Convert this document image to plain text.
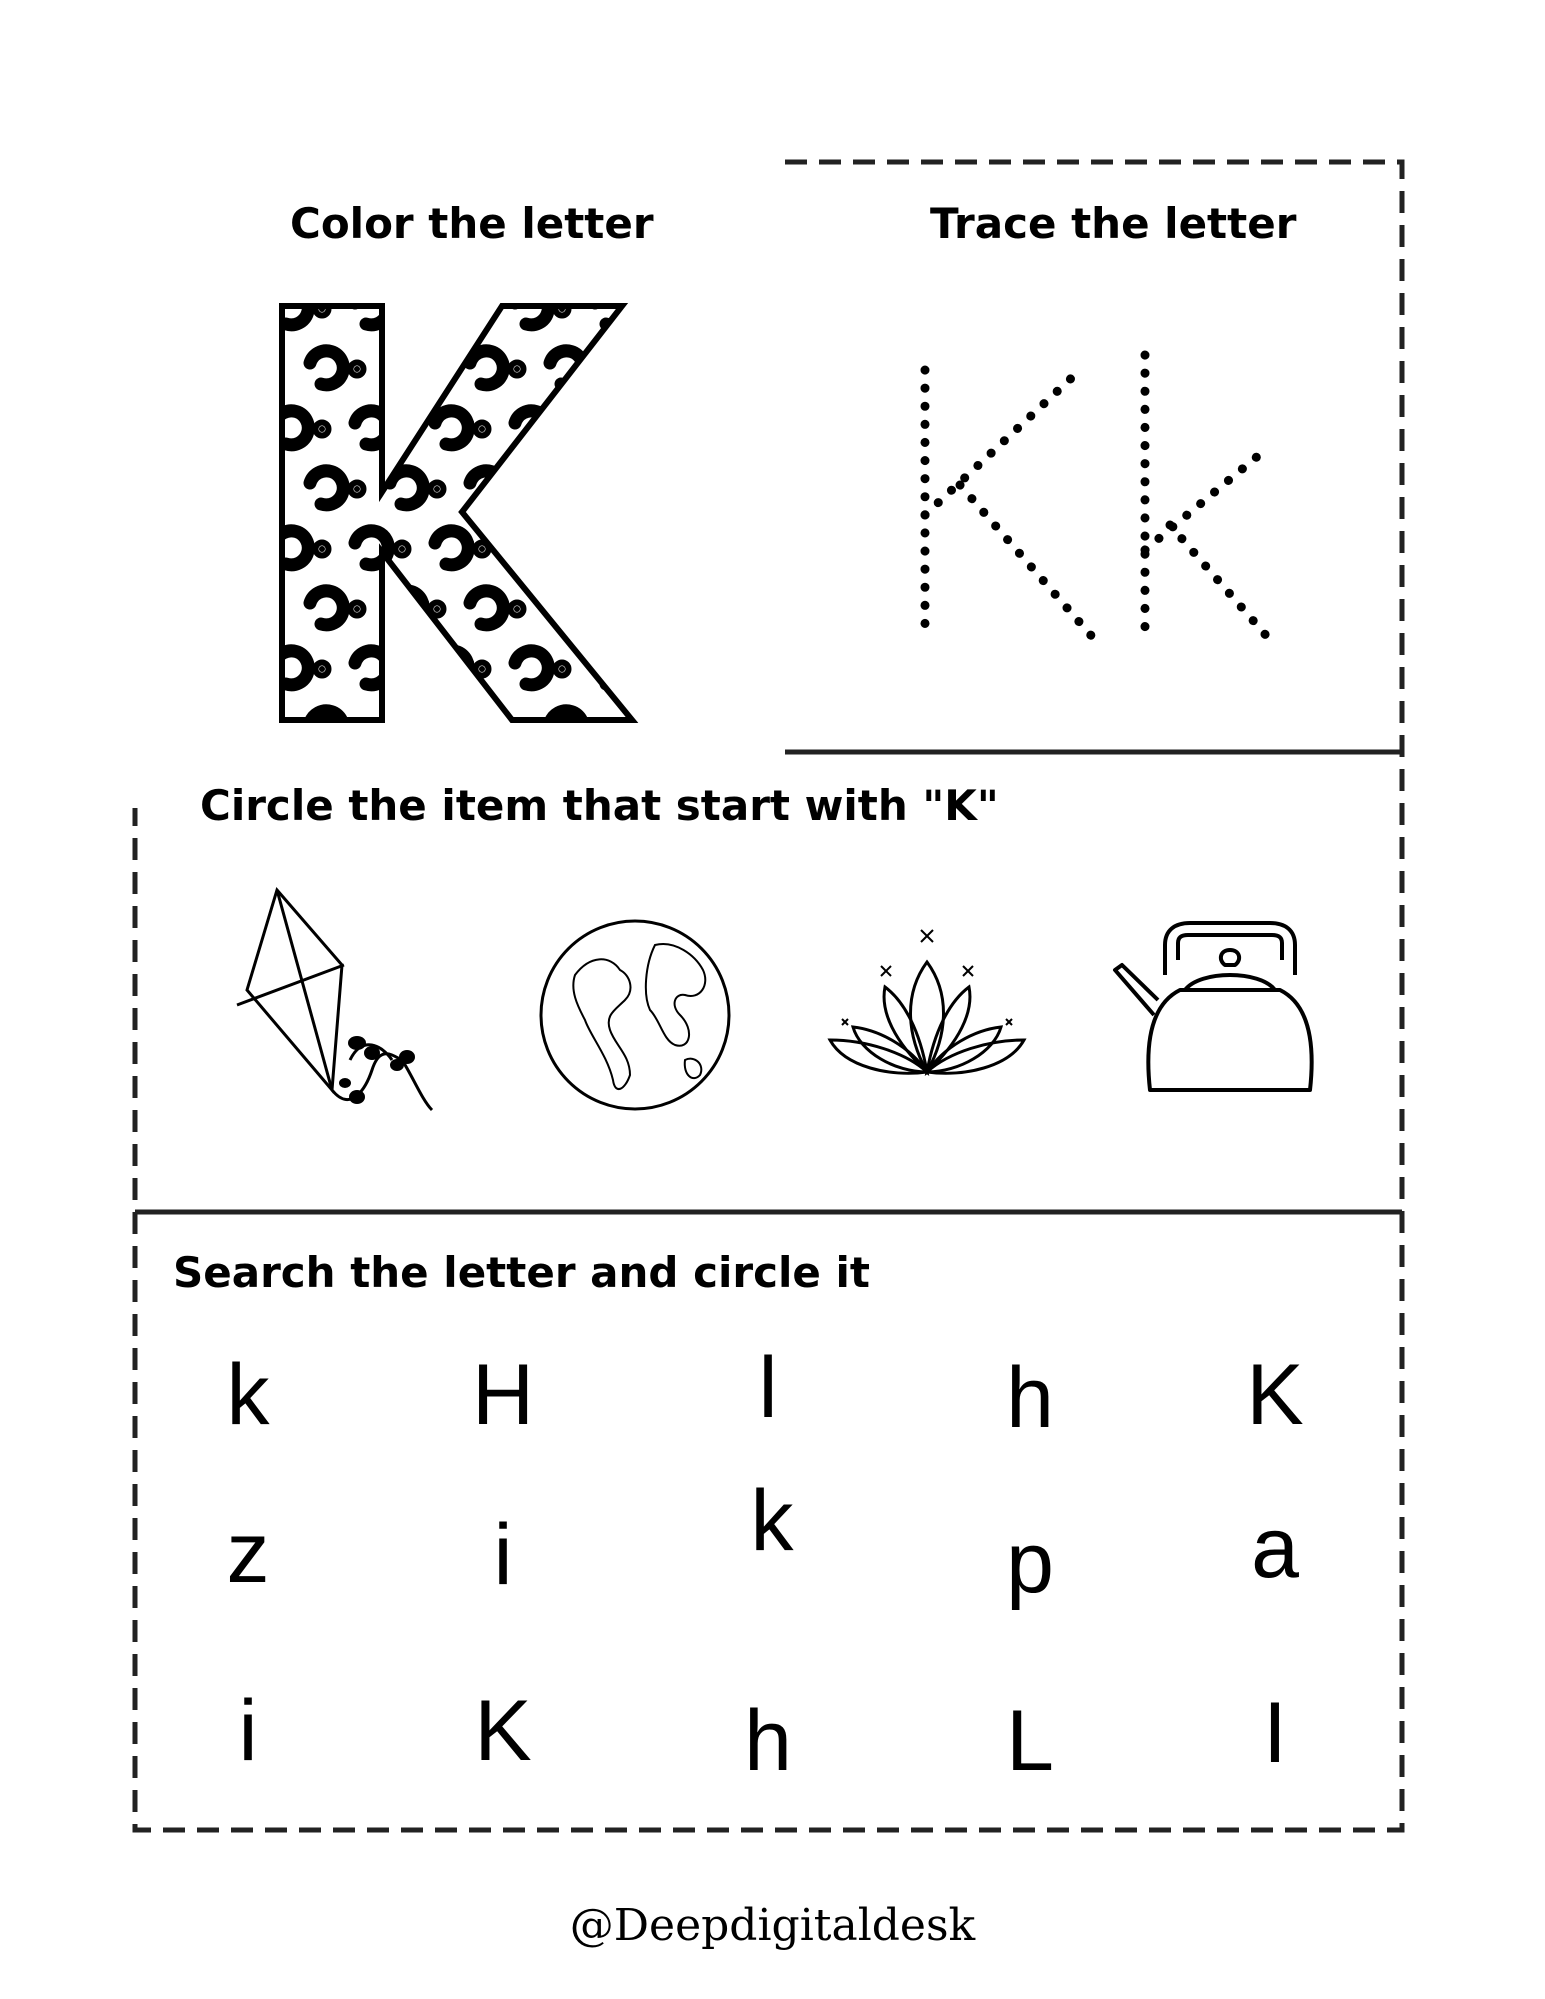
Color the letter	Trace the letter
Circle the item that start with "K"
Search the letter and circle it
k H	l	h K
z	i	k p a
i	K h L I
@Deepdigitaldesk
